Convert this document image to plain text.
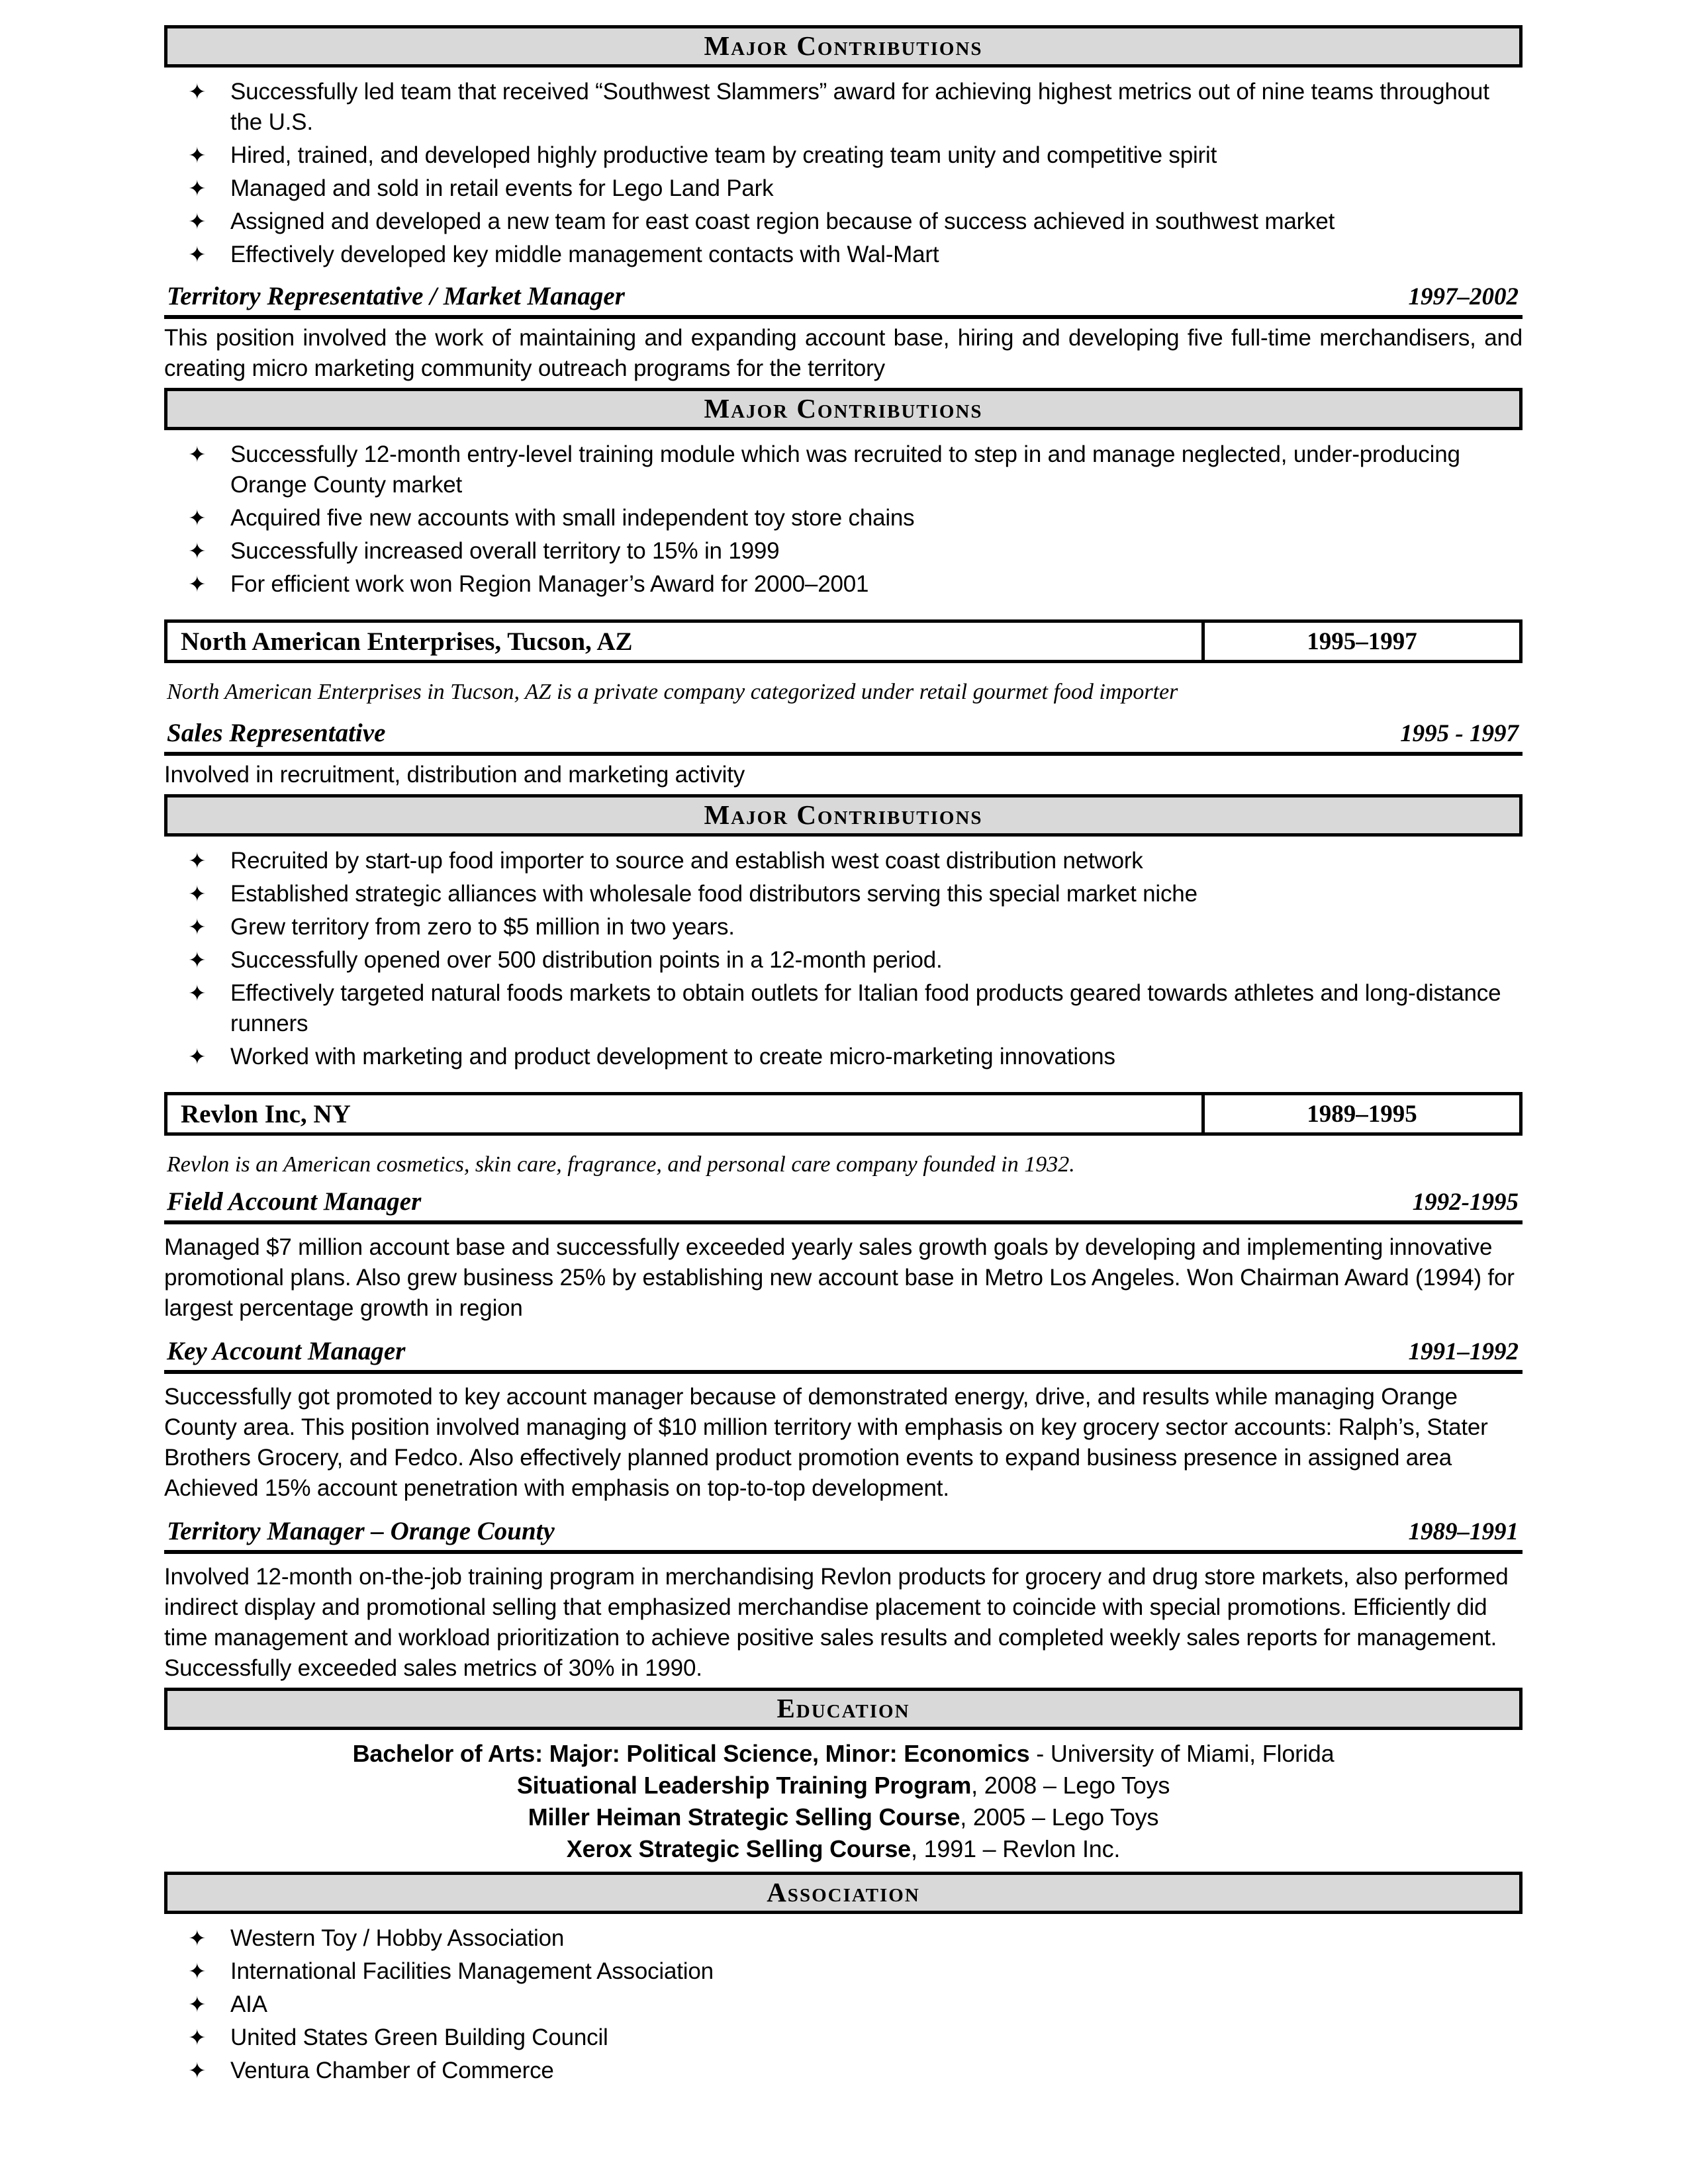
Major Contributions
✦	Successfully led team that received “Southwest Slammers” award for achieving highest metrics out of nine teams throughout the U.S.
✦	Hired, trained, and developed highly productive team by creating team unity and competitive spirit
✦	Managed and sold in retail events for Lego Land Park
✦	Assigned and developed a new team for east coast region because of success achieved in southwest market
✦	Effectively developed key middle management contacts with Wal-Mart
Territory Representative / Market Manager	1997–2002
This position involved the work of maintaining and expanding account base, hiring and developing five full-time merchandisers, and creating micro marketing community outreach programs for the territory
Major Contributions
✦	Successfully 12-month entry-level training module which was recruited to step in and manage neglected, under-producing Orange County market
✦	Acquired five new accounts with small independent toy store chains
✦	Successfully increased overall territory to 15% in 1999
✦	For efficient work won Region Manager’s Award for 2000–2001
North American Enterprises, Tucson, AZ	1995–1997
North American Enterprises in Tucson, AZ is a private company categorized under retail gourmet food importer
Sales Representative	1995 - 1997
Involved in recruitment, distribution and marketing activity
Major Contributions
✦	Recruited by start-up food importer to source and establish west coast distribution network
✦	Established strategic alliances with wholesale food distributors serving this special market niche
✦	Grew territory from zero to $5 million in two years.
✦	Successfully opened over 500 distribution points in a 12-month period.
✦	Effectively targeted natural foods markets to obtain outlets for Italian food products geared towards athletes and long-distance runners
✦	Worked with marketing and product development to create micro-marketing innovations
Revlon Inc, NY	1989–1995
Revlon is an American cosmetics, skin care, fragrance, and personal care company founded in 1932.
Field Account Manager	1992-1995
Managed $7 million account base and successfully exceeded yearly sales growth goals by developing and implementing innovative promotional plans. Also grew business 25% by establishing new account base in Metro Los Angeles. Won Chairman Award (1994) for largest percentage growth in region
Key Account Manager	1991–1992
Successfully got promoted to key account manager because of demonstrated energy, drive, and results while managing Orange County area. This position involved managing of $10 million territory with emphasis on key grocery sector accounts: Ralph’s, Stater Brothers Grocery, and Fedco. Also effectively planned product promotion events to expand business presence in assigned area Achieved 15% account penetration with emphasis on top-to-top development.
Territory Manager – Orange County	1989–1991
Involved 12-month on-the-job training program in merchandising Revlon products for grocery and drug store markets, also performed indirect display and promotional selling that emphasized merchandise placement to coincide with special promotions. Efficiently did time management and workload prioritization to achieve positive sales results and completed weekly sales reports for management. Successfully exceeded sales metrics of 30% in 1990.
Education
Bachelor of Arts: Major: Political Science, Minor: Economics - University of Miami, Florida
Situational Leadership Training Program, 2008 – Lego Toys
Miller Heiman Strategic Selling Course, 2005 – Lego Toys
Xerox Strategic Selling Course, 1991 – Revlon Inc.
Association
✦	Western Toy / Hobby Association
✦	International Facilities Management Association
✦	AIA
✦	United States Green Building Council
✦	Ventura Chamber of Commerce
